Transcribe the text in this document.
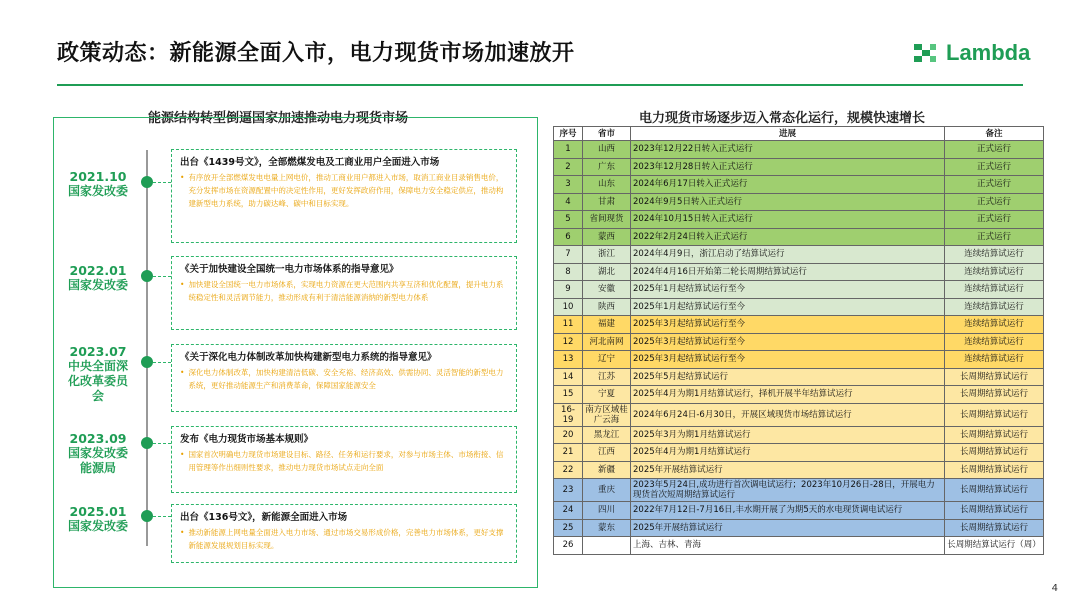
政策动态：新能源全面入市，电力现货市场加速放开	Lambda
能源结构转型倒逼国家加速推动电力现货市场
2021.10
国家发改委
出台《1439号文》，全部燃煤发电及工商业用户全面进入市场
• 有序放开全部燃煤发电电量上网电价，推动工商业用户都进入市场，取消工商业目录销售电价，充分发挥市场在资源配置中的决定性作用，更好发挥政府作用，保障电力安全稳定供应，推动构建新型电力系统，助力碳达峰、碳中和目标实现。
2022.01
国家发改委
《关于加快建设全国统一电力市场体系的指导意见》
• 加快建设全国统一电力市场体系，实现电力资源在更大范围内共享互济和优化配置，提升电力系统稳定性和灵活调节能力，推动形成有利于清洁能源消纳的新型电力体系
2023.07
中央全面深化改革委员会
《关于深化电力体制改革加快构建新型电力系统的指导意见》
• 深化电力体制改革，加快构建清洁低碳、安全充裕、经济高效、供需协同、灵活智能的新型电力系统，更好推动能源生产和消费革命，保障国家能源安全
2023.09
国家发改委能源局
发布《电力现货市场基本规则》
• 国家首次明确电力现货市场建设目标、路径、任务和运行要求，对参与市场主体、市场衔接、信用管理等作出细则性要求，推动电力现货市场试点走向全面
2025.01
国家发改委
出台《136号文》，新能源全面进入市场
• 推动新能源上网电量全面进入电力市场、通过市场交易形成价格，完善电力市场体系，更好支撑新能源发展规划目标实现。
电力现货市场逐步迈入常态化运行，规模快速增长
序号	省市	进展	备注
1	山西	2023年12月22日转入正式运行	正式运行
2	广东	2023年12月28日转入正式运行	正式运行
3	山东	2024年6月17日转入正式运行	正式运行
4	甘肃	2024年9月5日转入正式运行	正式运行
5	省间现货	2024年10月15日转入正式运行	正式运行
6	蒙西	2022年2月24日转入正式运行	正式运行
7	浙江	2024年4月9日，浙江启动了结算试运行	连续结算试运行
8	湖北	2024年4月16日开始第二轮长周期结算试运行	连续结算试运行
9	安徽	2025年1月起结算试运行至今	连续结算试运行
10	陕西	2025年1月起结算试运行至今	连续结算试运行
11	福建	2025年3月起结算试运行至今	连续结算试运行
12	河北南网	2025年3月起结算试运行至今	连续结算试运行
13	辽宁	2025年3月起结算试运行至今	连续结算试运行
14	江苏	2025年5月起结算试运行	长周期结算试运行
15	宁夏	2025年4月为期1月结算试运行，择机开展半年结算试运行	长周期结算试运行
16-19	南方区域桂广云海	2024年6月24日-6月30日，开展区域现货市场结算试运行	长周期结算试运行
20	黑龙江	2025年3月为期1月结算试运行	长周期结算试运行
21	江西	2025年4月为期1月结算试运行	长周期结算试运行
22	新疆	2025年开展结算试运行	长周期结算试运行
23	重庆	2023年5月24日,成功进行首次调电试运行；2023年10月26日-28日，开展电力现货首次短周期结算试运行	长周期结算试运行
24	四川	2022年7月12日-7月16日,丰水期开展了为期5天的水电现货调电试运行	长周期结算试运行
25	蒙东	2025年开展结算试运行	长周期结算试运行
26		上海、吉林、青海	长周期结算试运行（周）
4
